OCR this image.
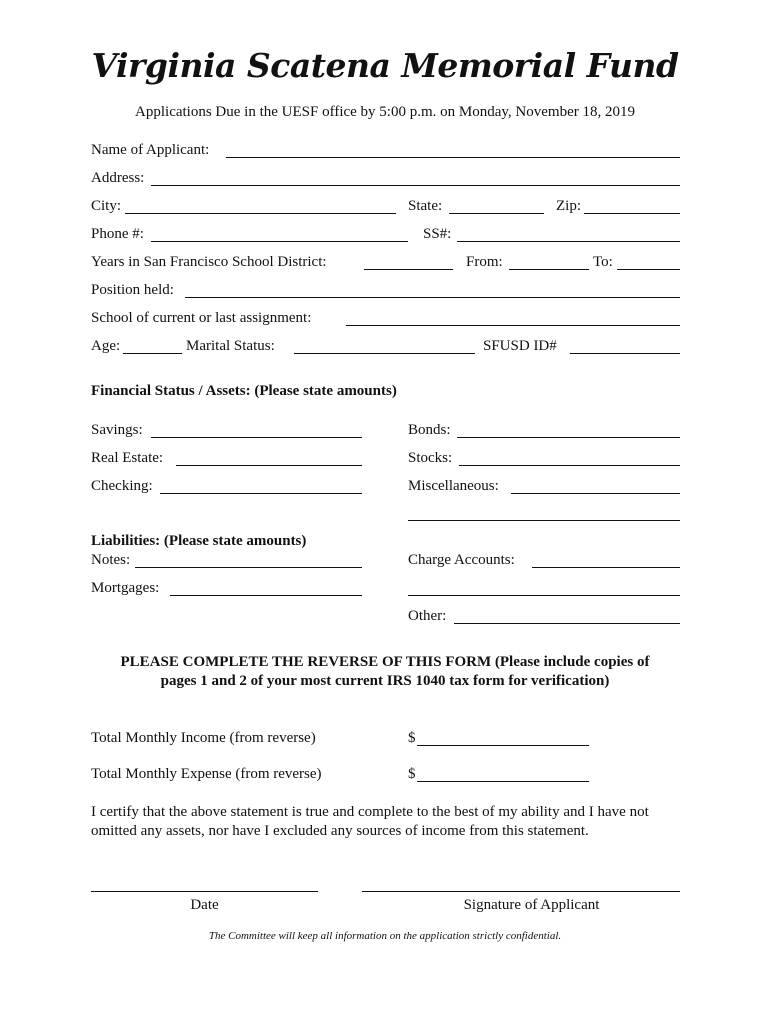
Virginia Scatena Memorial Fund
Applications Due in the UESF office by 5:00 p.m. on Monday, November 18, 2019
Name of Applicant:
Address:
City:	State:	Zip:
Phone #:	SS#:
Years in San Francisco School District:	From:	To:
Position held:
School of current or last assignment:
Age:	Marital Status:	SFUSD ID#
Financial Status / Assets: (Please state amounts)
Savings:	Bonds:
Real Estate:	Stocks:
Checking:	Miscellaneous:
Liabilities: (Please state amounts)
Notes:	Charge Accounts:
Mortgages:
Other:
PLEASE COMPLETE THE REVERSE OF THIS FORM (Please include copies of
pages 1 and 2 of your most current IRS 1040 tax form for verification)
Total Monthly Income (from reverse)	$
Total Monthly Expense (from reverse)	$
I certify that the above statement is true and complete to the best of my ability and I have not omitted any assets, nor have I excluded any sources of income from this statement.
Date	Signature of Applicant
The Committee will keep all information on the application strictly confidential.
